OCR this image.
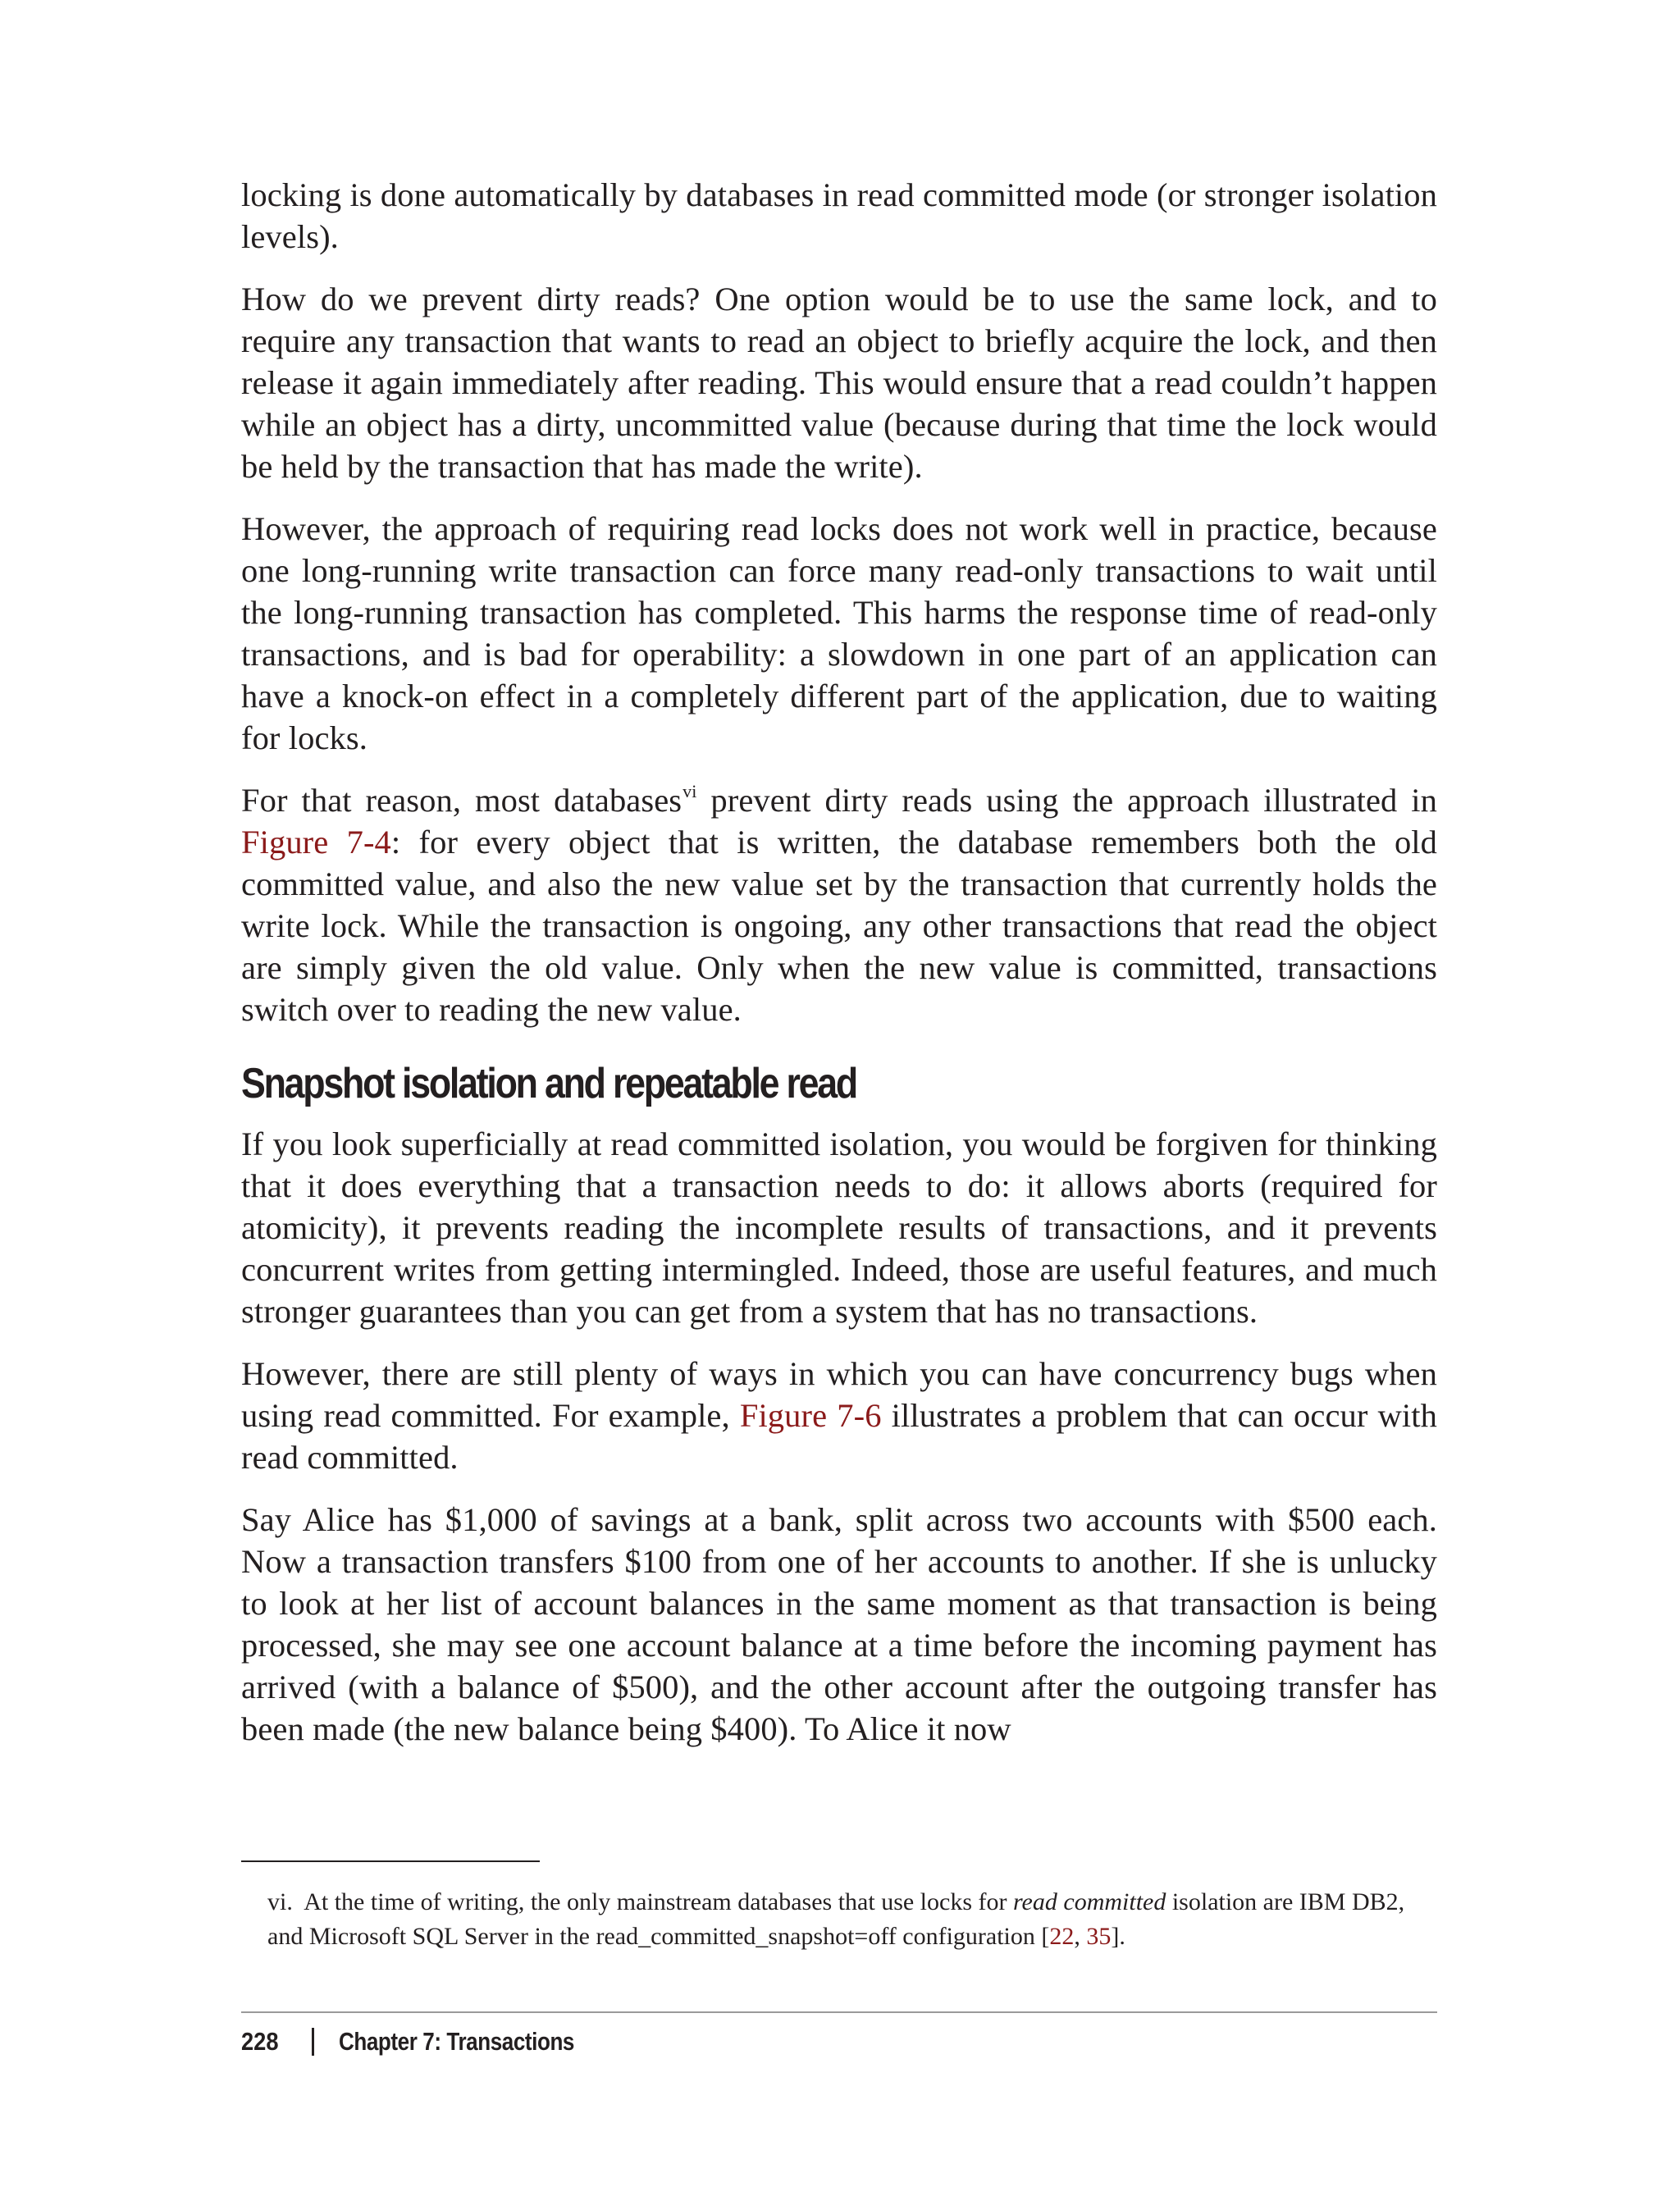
locking is done automatically by databases in read committed mode (or stronger isolation levels).

How do we prevent dirty reads? One option would be to use the same lock, and to require any transaction that wants to read an object to briefly acquire the lock, and then release it again immediately after reading. This would ensure that a read couldn’t happen while an object has a dirty, uncommitted value (because during that time the lock would be held by the transaction that has made the write).

However, the approach of requiring read locks does not work well in practice, because one long-running write transaction can force many read-only transactions to wait until the long-running transaction has completed. This harms the response time of read-only transactions, and is bad for operability: a slowdown in one part of an application can have a knock-on effect in a completely different part of the application, due to waiting for locks.

For that reason, most databases$^{vi}$ prevent dirty reads using the approach illustrated in Figure 7-4: for every object that is written, the database remembers both the old committed value, and also the new value set by the transaction that currently holds the write lock. While the transaction is ongoing, any other transactions that read the object are simply given the old value. Only when the new value is committed, transactions switch over to reading the new value.

Snapshot isolation and repeatable read

If you look superficially at read committed isolation, you would be forgiven for thinking that it does everything that a transaction needs to do: it allows aborts (required for atomicity), it prevents reading the incomplete results of transactions, and it prevents concurrent writes from getting intermingled. Indeed, those are useful features, and much stronger guarantees than you can get from a system that has no transactions.

However, there are still plenty of ways in which you can have concurrency bugs when using read committed. For example, Figure 7-6 illustrates a problem that can occur with read committed.

Say Alice has $1,000 of savings at a bank, split across two accounts with $500 each. Now a transaction transfers $100 from one of her accounts to another. If she is unlucky to look at her list of account balances in the same moment as that transaction is being processed, she may see one account balance at a time before the incoming payment has arrived (with a balance of $500), and the other account after the outgoing transfer has been made (the new balance being $400). To Alice it now

vi. At the time of writing, the only mainstream databases that use locks for read committed isolation are IBM DB2, and Microsoft SQL Server in the read_committed_snapshot=off configuration [22, 35].

228 Chapter 7: Transactions
